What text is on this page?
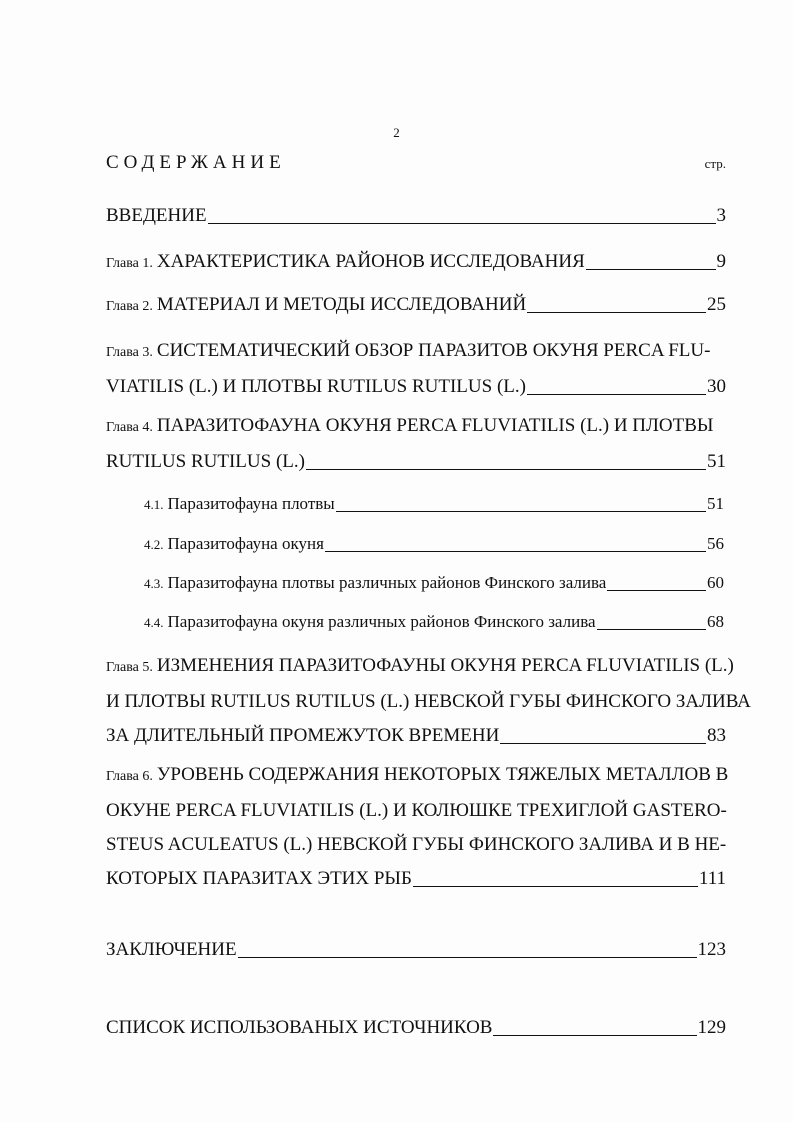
2
СОДЕРЖАНИЕ	стр.
ВВЕДЕНИЕ	3
Глава 1. ХАРАКТЕРИСТИКА РАЙОНОВ ИССЛЕДОВАНИЯ	9
Глава 2. МАТЕРИАЛ И МЕТОДЫ ИССЛЕДОВАНИЙ	25
Глава 3. СИСТЕМАТИЧЕСКИЙ ОБЗОР ПАРАЗИТОВ ОКУНЯ PERCA FLU-
VIATILIS (L.) И ПЛОТВЫ RUTILUS RUTILUS (L.)	30
Глава 4. ПАРАЗИТОФАУНА ОКУНЯ PERCA FLUVIATILIS (L.) И ПЛОТВЫ
RUTILUS RUTILUS (L.)	51
4.1. Паразитофауна плотвы	51
4.2. Паразитофауна окуня	56
4.3. Паразитофауна плотвы различных районов Финского залива	60
4.4. Паразитофауна окуня различных районов Финского залива	68
Глава 5. ИЗМЕНЕНИЯ ПАРАЗИТОФАУНЫ ОКУНЯ PERCA FLUVIATILIS (L.)
И ПЛОТВЫ RUTILUS RUTILUS (L.) НЕВСКОЙ ГУБЫ ФИНСКОГО ЗАЛИВА
ЗА ДЛИТЕЛЬНЫЙ ПРОМЕЖУТОК ВРЕМЕНИ	83
Глава 6. УРОВЕНЬ СОДЕРЖАНИЯ НЕКОТОРЫХ ТЯЖЕЛЫХ МЕТАЛЛОВ В
ОКУНЕ PERCA FLUVIATILIS (L.) И КОЛЮШКЕ ТРЕХИГЛОЙ GASTERO-
STEUS ACULEATUS (L.) НЕВСКОЙ ГУБЫ ФИНСКОГО ЗАЛИВА И В НЕ-
КОТОРЫХ ПАРАЗИТАХ ЭТИХ РЫБ	111
ЗАКЛЮЧЕНИЕ	123
СПИСОК ИСПОЛЬЗОВАНЫХ ИСТОЧНИКОВ	129
